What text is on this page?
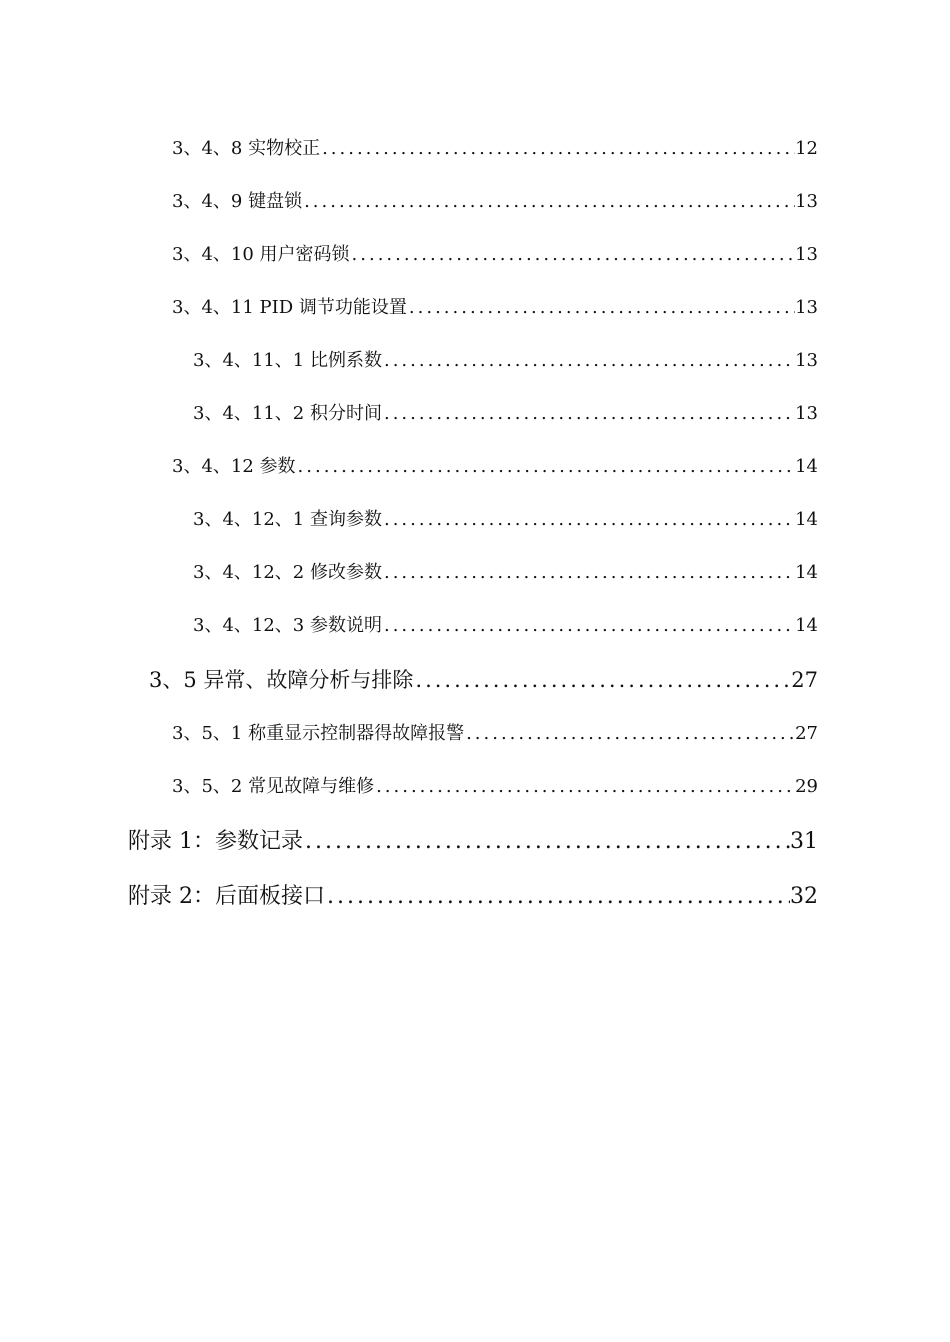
3、4、8 实物校正 .....	12
3、4、9 键盘锁 .....	13
3、4、10 用户密码锁 .....	13
3、4、11 PID 调节功能设置 .....	13
3、4、11、1 比例系数 .....	13
3、4、11、2 积分时间 .....	13
3、4、12 参数 .....	14
3、4、12、1 查询参数 .....	14
3、4、12、2 修改参数 .....	14
3、4、12、3 参数说明 .....	14
3、5 异常、故障分析与排除 .....	27
3、5、1 称重显示控制器得故障报警 .....	27
3、5、2 常见故障与维修 .....	29
附录 1：参数记录 .....	31
附录 2：后面板接口 .....	32
